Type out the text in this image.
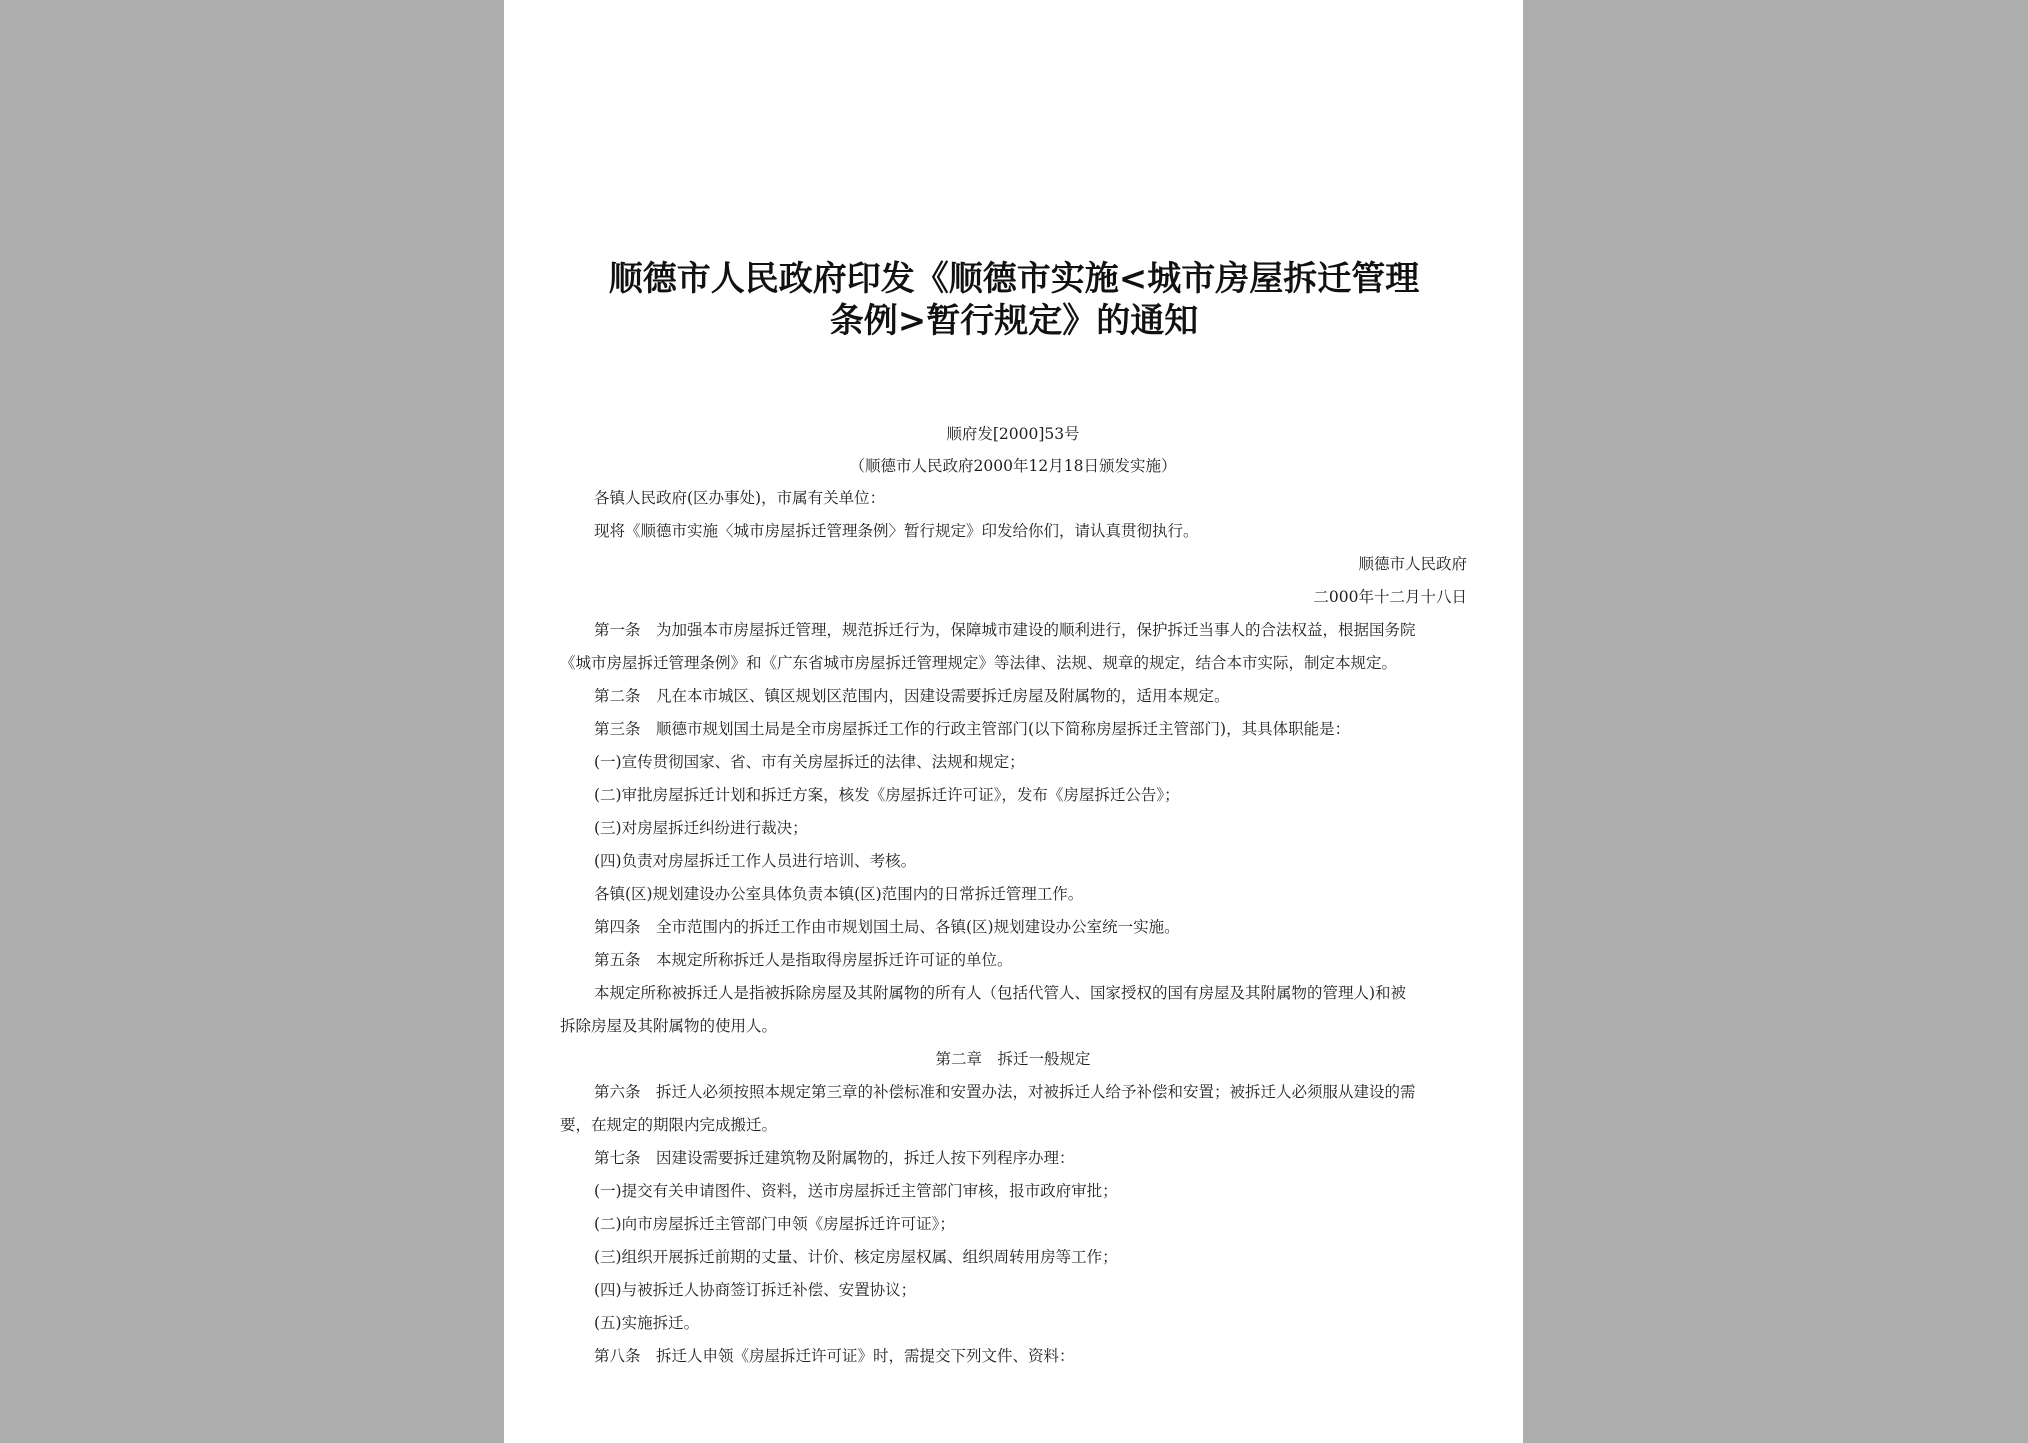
顺德市人民政府印发《顺德市实施<城市房屋拆迁管理
条例>暂行规定》的通知
顺府发[2000]53号
（顺德市人民政府2000年12月18日颁发实施）
各镇人民政府(区办事处)，市属有关单位：
现将《顺德市实施〈城市房屋拆迁管理条例〉暂行规定》印发给你们，请认真贯彻执行。
顺德市人民政府
二000年十二月十八日
第一条　为加强本市房屋拆迁管理，规范拆迁行为，保障城市建设的顺利进行，保护拆迁当事人的合法权益，根据国务院
《城市房屋拆迁管理条例》和《广东省城市房屋拆迁管理规定》等法律、法规、规章的规定，结合本市实际，制定本规定。
第二条　凡在本市城区、镇区规划区范围内，因建设需要拆迁房屋及附属物的，适用本规定。
第三条　顺德市规划国土局是全市房屋拆迁工作的行政主管部门(以下简称房屋拆迁主管部门)，其具体职能是：
(一)宣传贯彻国家、省、市有关房屋拆迁的法律、法规和规定；
(二)审批房屋拆迁计划和拆迁方案，核发《房屋拆迁许可证》，发布《房屋拆迁公告》；
(三)对房屋拆迁纠纷进行裁决；
(四)负责对房屋拆迁工作人员进行培训、考核。
各镇(区)规划建设办公室具体负责本镇(区)范围内的日常拆迁管理工作。
第四条　全市范围内的拆迁工作由市规划国土局、各镇(区)规划建设办公室统一实施。
第五条　本规定所称拆迁人是指取得房屋拆迁许可证的单位。
本规定所称被拆迁人是指被拆除房屋及其附属物的所有人（包括代管人、国家授权的国有房屋及其附属物的管理人)和被
拆除房屋及其附属物的使用人。
第二章　拆迁一般规定
第六条　拆迁人必须按照本规定第三章的补偿标准和安置办法，对被拆迁人给予补偿和安置；被拆迁人必须服从建设的需
要，在规定的期限内完成搬迁。
第七条　因建设需要拆迁建筑物及附属物的，拆迁人按下列程序办理：
(一)提交有关申请图件、资料，送市房屋拆迁主管部门审核，报市政府审批；
(二)向市房屋拆迁主管部门申领《房屋拆迁许可证》；
(三)组织开展拆迁前期的丈量、计价、核定房屋权属、组织周转用房等工作；
(四)与被拆迁人协商签订拆迁补偿、安置协议；
(五)实施拆迁。
第八条　拆迁人申领《房屋拆迁许可证》时，需提交下列文件、资料：
